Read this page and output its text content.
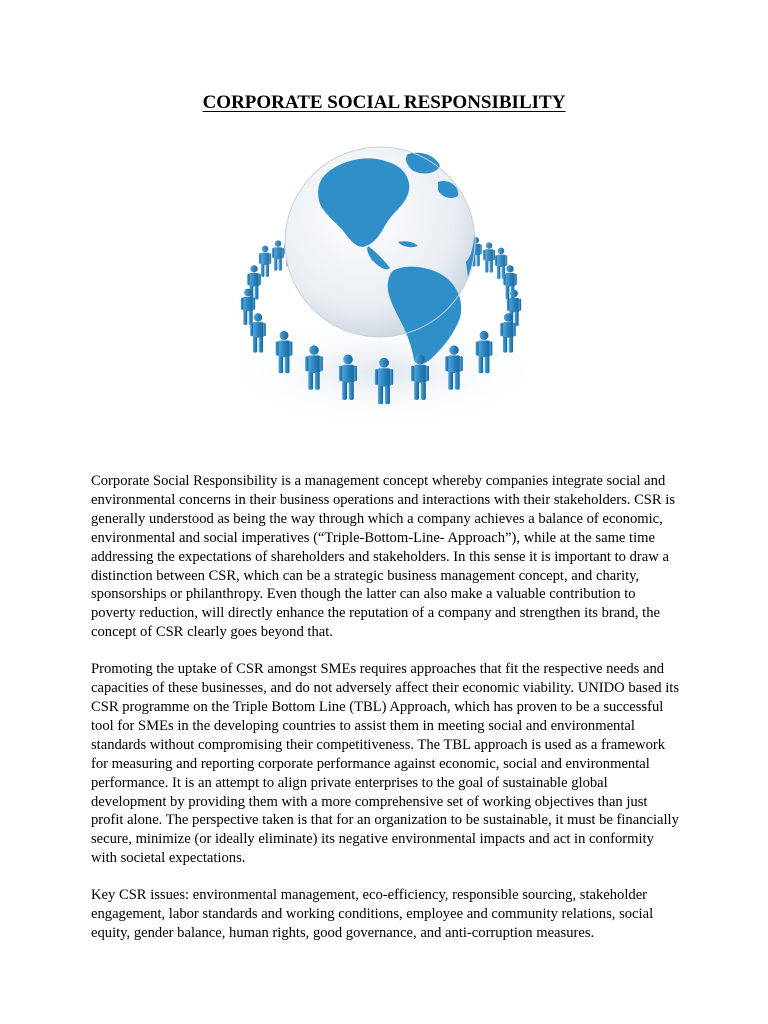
CORPORATE SOCIAL RESPONSIBILITY

Corporate Social Responsibility is a management concept whereby companies integrate social and environmental concerns in their business operations and interactions with their stakeholders. CSR is generally understood as being the way through which a company achieves a balance of economic, environmental and social imperatives (“Triple-Bottom-Line- Approach”), while at the same time addressing the expectations of shareholders and stakeholders. In this sense it is important to draw a distinction between CSR, which can be a strategic business management concept, and charity, sponsorships or philanthropy. Even though the latter can also make a valuable contribution to poverty reduction, will directly enhance the reputation of a company and strengthen its brand, the concept of CSR clearly goes beyond that.

Promoting the uptake of CSR amongst SMEs requires approaches that fit the respective needs and capacities of these businesses, and do not adversely affect their economic viability. UNIDO based its CSR programme on the Triple Bottom Line (TBL) Approach, which has proven to be a successful tool for SMEs in the developing countries to assist them in meeting social and environmental standards without compromising their competitiveness. The TBL approach is used as a framework for measuring and reporting corporate performance against economic, social and environmental performance. It is an attempt to align private enterprises to the goal of sustainable global development by providing them with a more comprehensive set of working objectives than just profit alone. The perspective taken is that for an organization to be sustainable, it must be financially secure, minimize (or ideally eliminate) its negative environmental impacts and act in conformity with societal expectations.

Key CSR issues: environmental management, eco-efficiency, responsible sourcing, stakeholder engagement, labor standards and working conditions, employee and community relations, social equity, gender balance, human rights, good governance, and anti-corruption measures.
